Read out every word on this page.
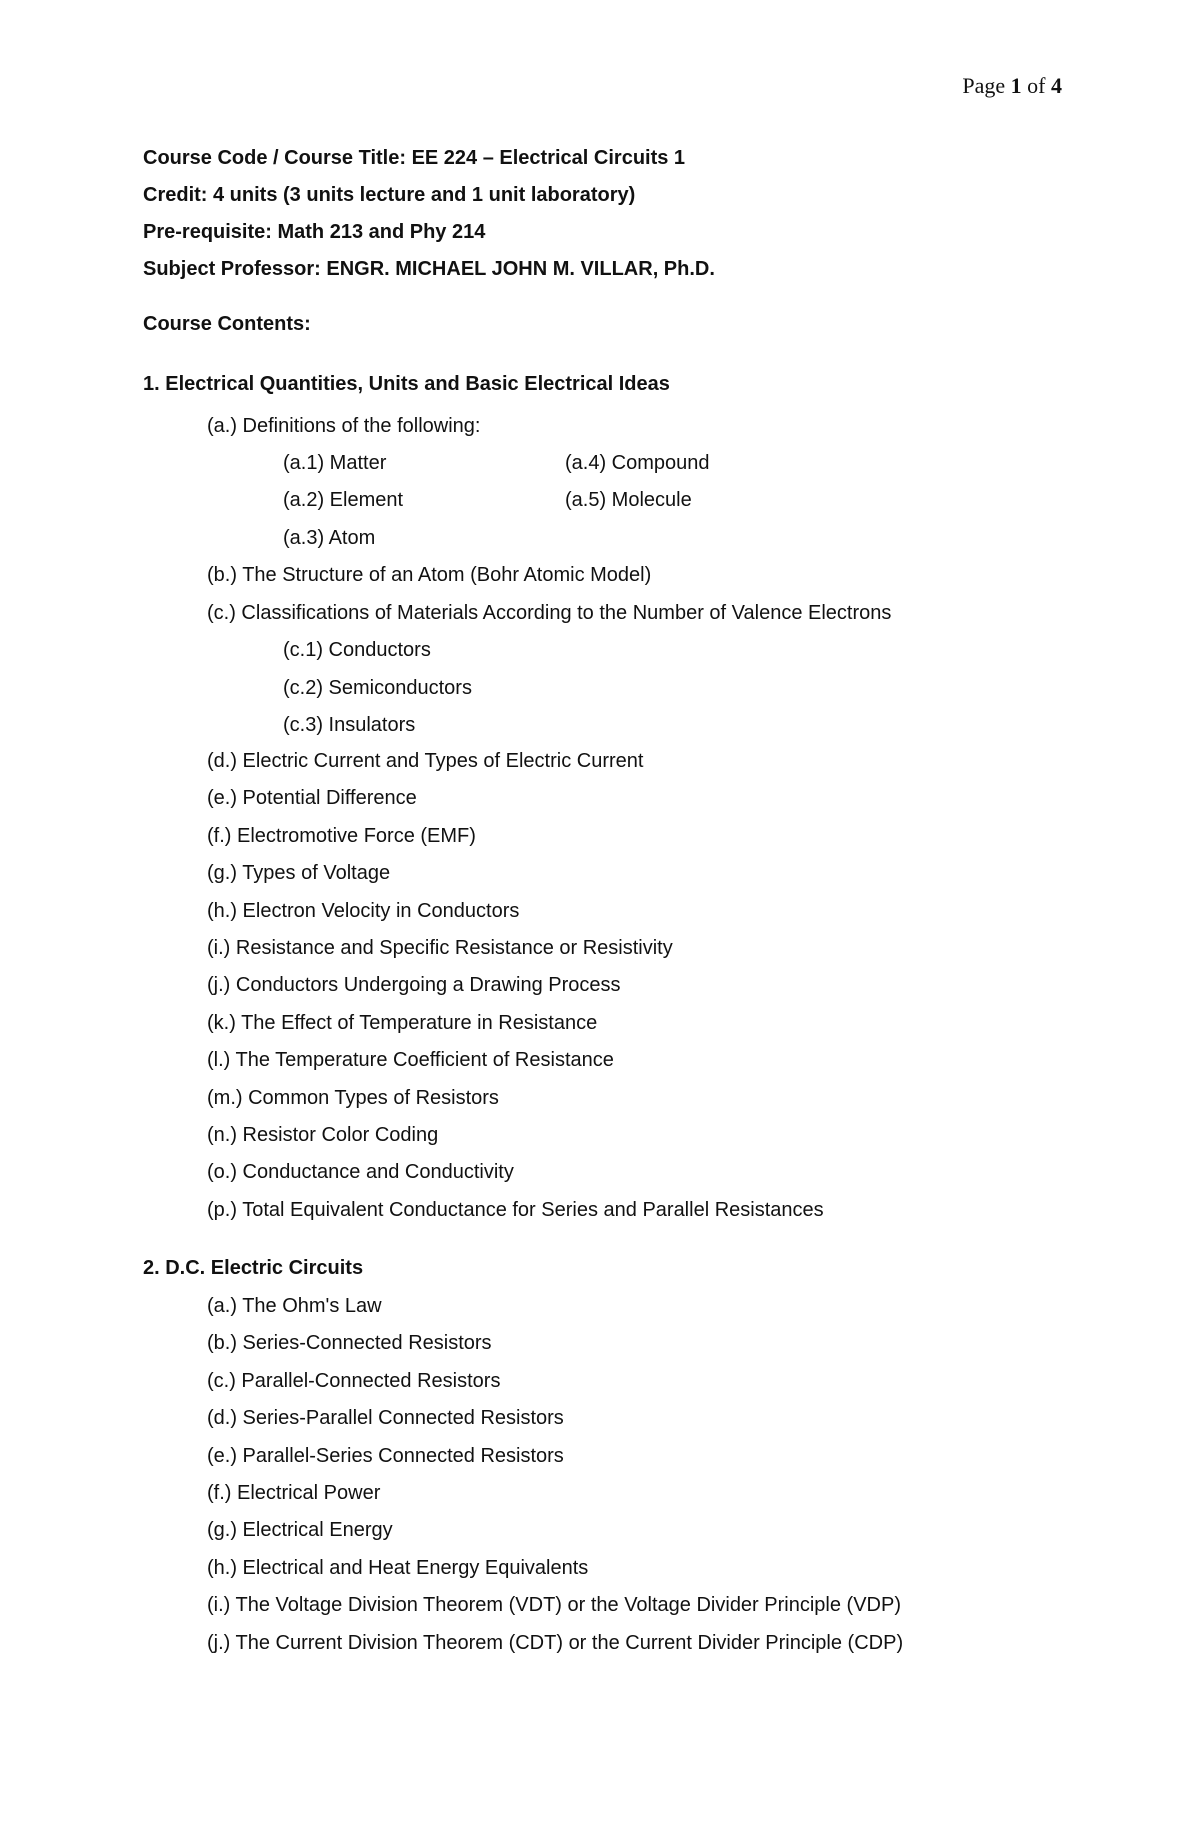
Page 1 of 4
Course Code / Course Title: EE 224 – Electrical Circuits 1
Credit: 4 units (3 units lecture and 1 unit laboratory)
Pre-requisite: Math 213 and Phy 214
Subject Professor: ENGR. MICHAEL JOHN M. VILLAR, Ph.D.
Course Contents:
1. Electrical Quantities, Units and Basic Electrical Ideas
(a.) Definitions of the following:
(a.1) Matter	(a.4) Compound
(a.2) Element	(a.5) Molecule
(a.3) Atom
(b.) The Structure of an Atom (Bohr Atomic Model)
(c.) Classifications of Materials According to the Number of Valence Electrons
(c.1) Conductors
(c.2) Semiconductors
(c.3) Insulators
(d.) Electric Current and Types of Electric Current
(e.) Potential Difference
(f.) Electromotive Force (EMF)
(g.) Types of Voltage
(h.) Electron Velocity in Conductors
(i.) Resistance and Specific Resistance or Resistivity
(j.) Conductors Undergoing a Drawing Process
(k.) The Effect of Temperature in Resistance
(l.) The Temperature Coefficient of Resistance
(m.) Common Types of Resistors
(n.) Resistor Color Coding
(o.) Conductance and Conductivity
(p.) Total Equivalent Conductance for Series and Parallel Resistances
2. D.C. Electric Circuits
(a.) The Ohm's Law
(b.) Series-Connected Resistors
(c.) Parallel-Connected Resistors
(d.) Series-Parallel Connected Resistors
(e.) Parallel-Series Connected Resistors
(f.) Electrical Power
(g.) Electrical Energy
(h.) Electrical and Heat Energy Equivalents
(i.) The Voltage Division Theorem (VDT) or the Voltage Divider Principle (VDP)
(j.) The Current Division Theorem (CDT) or the Current Divider Principle (CDP)
